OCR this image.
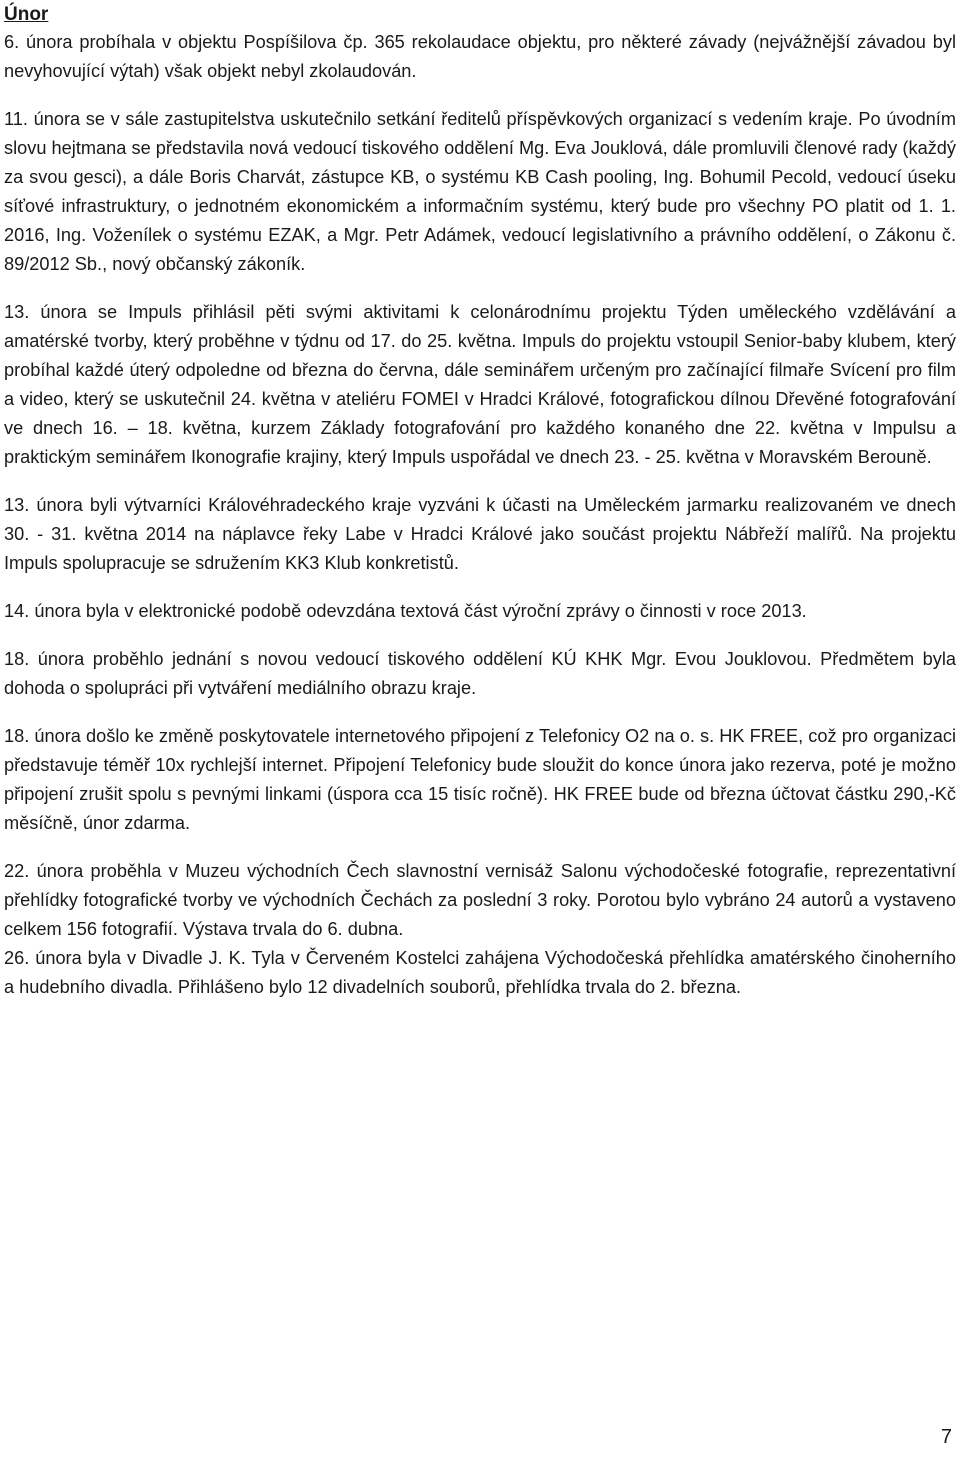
Únor

6. února probíhala v objektu Pospíšilova čp. 365 rekolaudace objektu, pro některé závady (nejvážnější závadou byl nevyhovující výtah) však objekt nebyl zkolaudován.

11. února se v sále zastupitelstva uskutečnilo setkání ředitelů příspěvkových organizací s vedením kraje. Po úvodním slovu hejtmana se představila nová vedoucí tiskového oddělení Mg. Eva Jouklová, dále promluvili členové rady (každý za svou gesci), a dále Boris Charvát, zástupce KB, o systému KB Cash pooling, Ing. Bohumil Pecold, vedoucí úseku síťové infrastruktury, o jednotném ekonomickém a informačním systému, který bude pro všechny PO platit od 1. 1. 2016, Ing. Voženílek o systému EZAK, a Mgr. Petr Adámek, vedoucí legislativního a právního oddělení, o Zákonu č. 89/2012 Sb., nový občanský zákoník.

13. února se Impuls přihlásil pěti svými aktivitami k celonárodnímu projektu Týden uměleckého vzdělávání a amatérské tvorby, který proběhne v týdnu od 17. do 25. května. Impuls do projektu vstoupil Senior-baby klubem, který probíhal každé úterý odpoledne od března do června, dále seminářem určeným pro začínající filmaře Svícení pro film a video, který se uskutečnil 24. května v ateliéru FOMEI v Hradci Králové, fotografickou dílnou Dřevěné fotografování ve dnech 16. – 18. května, kurzem Základy fotografování pro každého konaného dne 22. května v Impulsu a praktickým seminářem Ikonografie krajiny, který Impuls uspořádal ve dnech 23. - 25. května v Moravském Berouně.

13. února byli výtvarníci Královéhradeckého kraje vyzváni k účasti na Uměleckém jarmarku realizovaném ve dnech 30. - 31. května 2014 na náplavce řeky Labe v Hradci Králové jako součást projektu Nábřeží malířů. Na projektu Impuls spolupracuje se sdružením KK3 Klub konkretistů.

14. února byla v elektronické podobě odevzdána textová část výroční zprávy o činnosti v roce 2013.

18. února proběhlo jednání s novou vedoucí tiskového oddělení KÚ KHK Mgr. Evou Jouklovou. Předmětem byla dohoda o spolupráci při vytváření mediálního obrazu kraje.

18. února došlo ke změně poskytovatele internetového připojení z Telefonicy O2 na o. s. HK FREE, což pro organizaci představuje téměř 10x rychlejší internet. Připojení Telefonicy bude sloužit do konce února jako rezerva, poté je možno připojení zrušit spolu s pevnými linkami (úspora cca 15 tisíc ročně). HK FREE bude od března účtovat částku 290,-Kč měsíčně, únor zdarma.

22. února proběhla v Muzeu východních Čech slavnostní vernisáž Salonu východočeské fotografie, reprezentativní přehlídky fotografické tvorby ve východních Čechách za poslední 3 roky. Porotou bylo vybráno 24 autorů a vystaveno celkem 156 fotografií. Výstava trvala do 6. dubna.

26. února byla v Divadle J. K. Tyla v Červeném Kostelci zahájena Východočeská přehlídka amatérského činoherního a hudebního divadla. Přihlášeno bylo 12 divadelních souborů, přehlídka trvala do 2. března.

7
